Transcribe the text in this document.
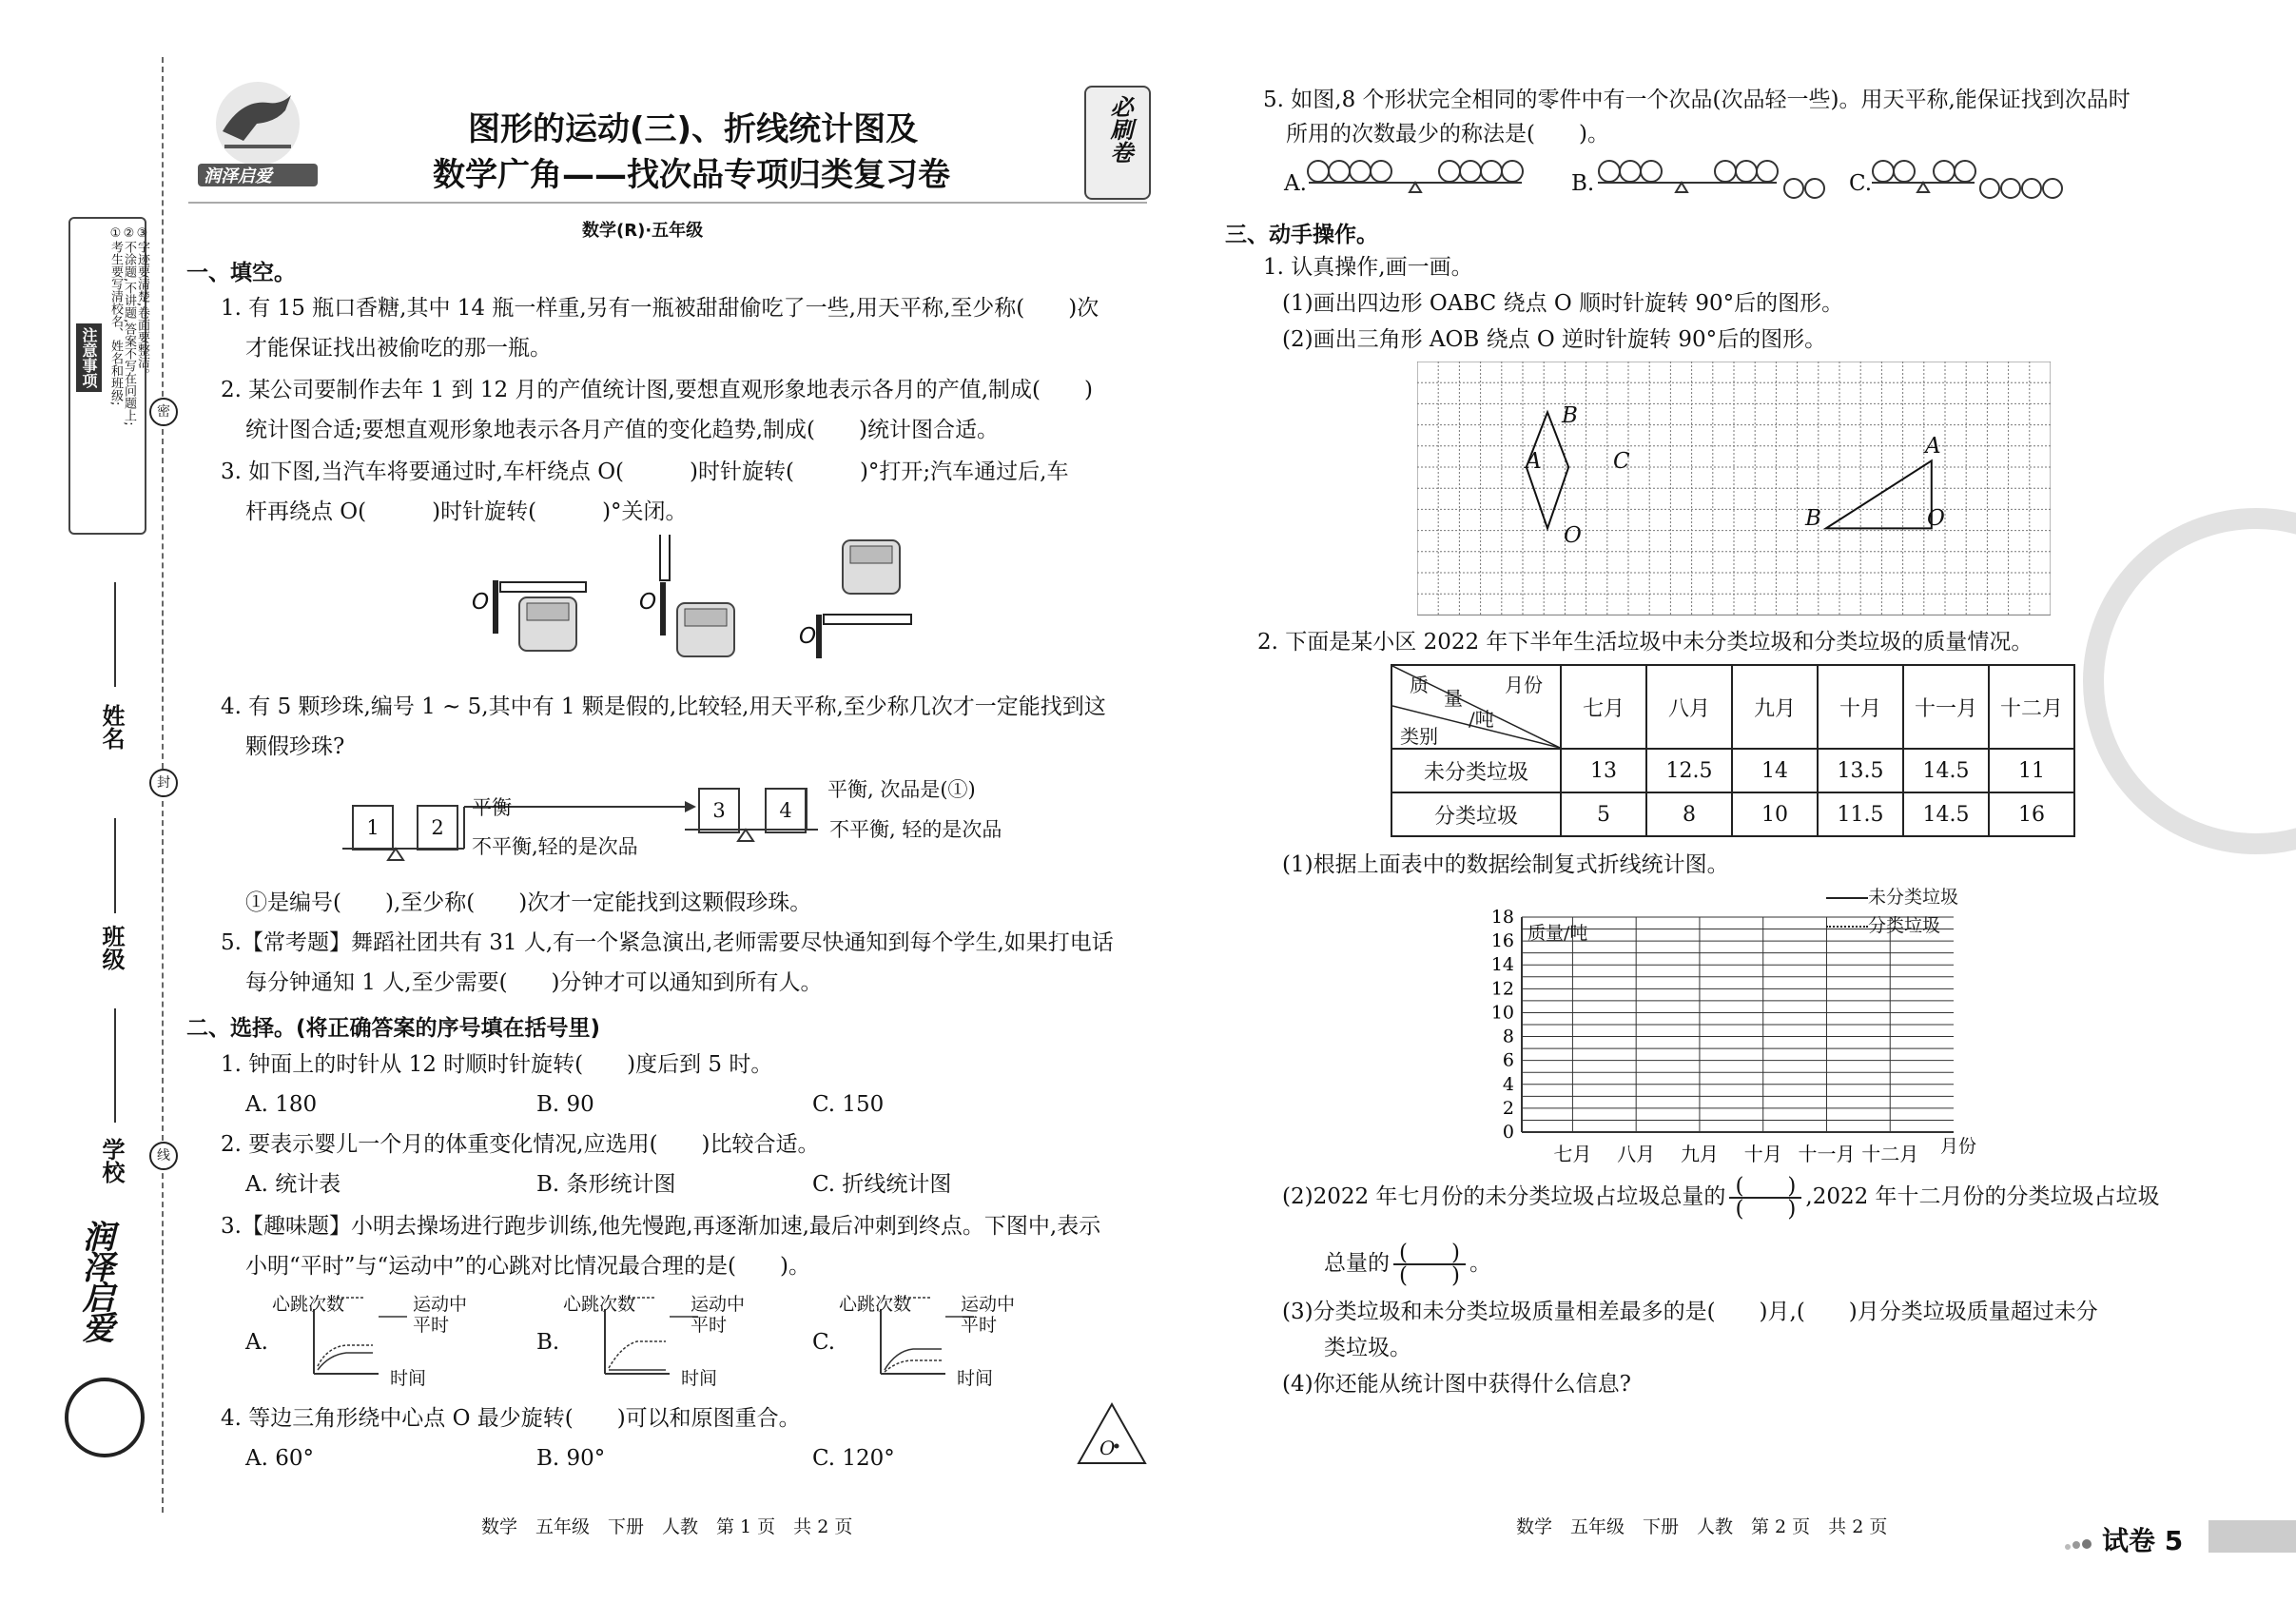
注意事项 ①考生要写清校名、姓名和班级; ②不涂题,不讲题,答案不写在问题上; ③字迹要清楚,卷面要整洁。
密
封
线
姓名
班级
学校
润泽启爱
润泽启爱
图形的运动(三)、折线统计图及
数学广角——找次品专项归类复习卷
必刷卷
数学(R)·五年级
一、填空。
1. 有 15 瓶口香糖,其中 14 瓶一样重,另有一瓶被甜甜偷吃了一些,用天平称,至少称(　　)次
才能保证找出被偷吃的那一瓶。
2. 某公司要制作去年 1 到 12 月的产值统计图,要想直观形象地表示各月的产值,制成(　　)
统计图合适;要想直观形象地表示各月产值的变化趋势,制成(　　)统计图合适。
3. 如下图,当汽车将要通过时,车杆绕点 O(　　　)时针旋转(　　　)°打开;汽车通过后,车
杆再绕点 O(　　　)时针旋转(　　　)°关闭。
O	O
O
4. 有 5 颗珍珠,编号 1 ~ 5,其中有 1 颗是假的,比较轻,用天平称,至少称几次才一定能找到这
颗假珍珠?
1	2
3	4
平衡
不平衡,轻的是次品
平衡, 次品是(①)
不平衡, 轻的是次品
①是编号(　　),至少称(　　)次才一定能找到这颗假珍珠。
5.【常考题】舞蹈社团共有 31 人,有一个紧急演出,老师需要尽快通知到每个学生,如果打电话
每分钟通知 1 人,至少需要(　　)分钟才可以通知到所有人。
二、选择。(将正确答案的序号填在括号里)
1. 钟面上的时针从 12 时顺时针旋转(　　)度后到 5 时。
A. 180	B. 90	C. 150
2. 要表示婴儿一个月的体重变化情况,应选用(　　)比较合适。
A. 统计表	B. 条形统计图	C. 折线统计图
3.【趣味题】小明去操场进行跑步训练,他先慢跑,再逐渐加速,最后冲刺到终点。下图中,表示
小明“平时”与“运动中”的心跳对比情况最合理的是(　　)。
A.	B.	C.
心跳次数	运动中
平时
时间
心跳次数	运动中
平时
时间
心跳次数	运动中
平时
时间
4. 等边三角形绕中心点 O 最少旋转(　　)可以和原图重合。
A. 60°	B. 90°	C. 120°	O
数学　五年级　下册　人教　第 1 页　共 2 页
5. 如图,8 个形状完全相同的零件中有一个次品(次品轻一些)。用天平称,能保证找到次品时
所用的次数最少的称法是(　　)。
A.	B.	C.
三、动手操作。
1. 认真操作,画一画。
(1)画出四边形 OABC 绕点 O 顺时针旋转 90°后的图形。
(2)画出三角形 AOB 绕点 O 逆时针旋转 90°后的图形。
B
A	C
O
A
B	O
2. 下面是某小区 2022 年下半年生活垃圾中未分类垃圾和分类垃圾的质量情况。
月份
质
量
/吨
类别	七月	八月	九月	十月	十一月	十二月
未分类垃圾	13	12.5	14	13.5	14.5	11
分类垃圾	5	8	10	11.5	14.5	16
(1)根据上面表中的数据绘制复式折线统计图。
0
2
4
6
8
10
12
14
16
18
七月 八月 九月 十月 十一月 十二月
质量/吨
月份
未分类垃圾
分类垃圾
(2)2022 年七月份的未分类垃圾占垃圾总量的 $\frac{( )}{( )} ,2022$ 年十二月份的分类垃圾占垃圾
总量的 $\frac{( )}{( )}$ 。
(3)分类垃圾和未分类垃圾质量相差最多的是(　　)月,(　　)月分类垃圾质量超过未分
类垃圾。
(4)你还能从统计图中获得什么信息?
数学　五年级　下册　人教　第 2 页　共 2 页	试卷 5
